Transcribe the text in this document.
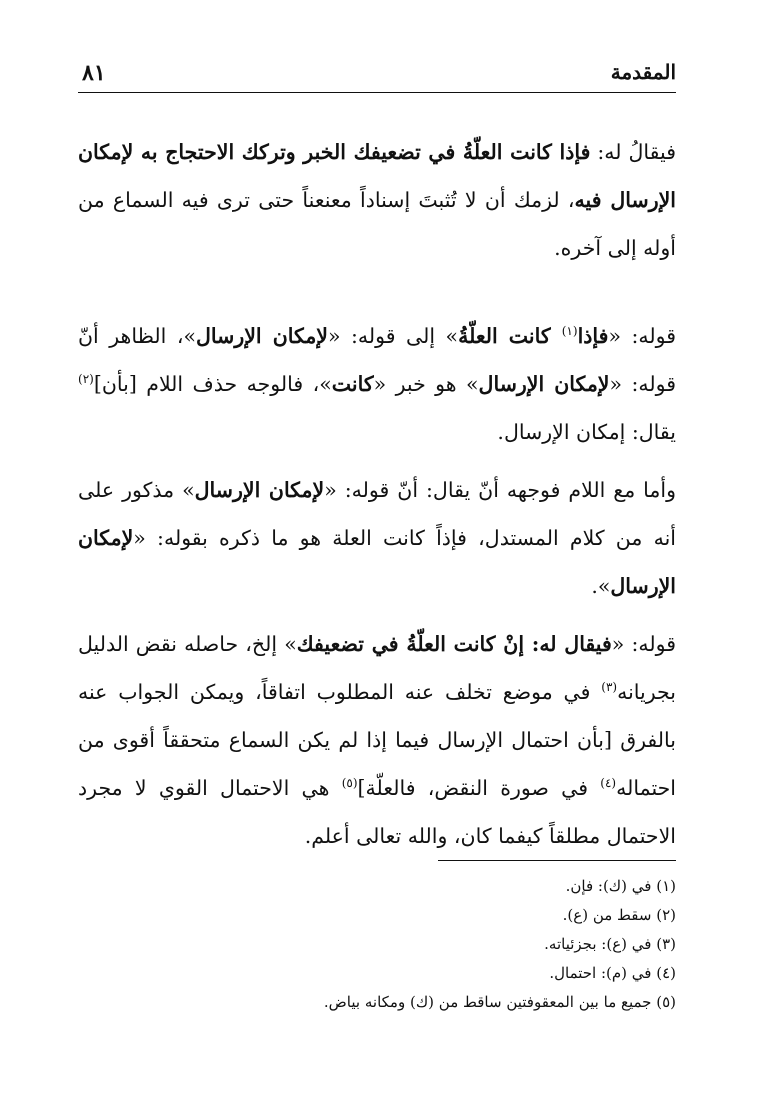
المقدمة
٨١

فيقالُ له: فإذا كانت العلّةُ في تضعيفك الخبر وتركك الاحتجاج به لإمكان الإرسال فيه، لزمك أن لا تُثبتَ إسناداً معنعناً حتى ترى فيه السماع من أوله إلى آخره.

قوله: «فإذا$^{(١)}$ كانت العلّةُ» إلى قوله: «لإمكان الإرسال»، الظاهر أنّ قوله: «لإمكان الإرسال» هو خبر «كانت»، فالوجه حذف اللام [بأن]$^{(٢)}$ يقال: إمكان الإرسال.

وأما مع اللام فوجهه أنّ يقال: أنّ قوله: «لإمكان الإرسال» مذكور على أنه من كلام المستدل، فإذاً كانت العلة هو ما ذكره بقوله: «لإمكان الإرسال».

قوله: «فيقال له: إنْ كانت العلّةُ في تضعيفك» إلخ، حاصله نقض الدليل بجريانه$^{(٣)}$ في موضع تخلف عنه المطلوب اتفاقاً، ويمكن الجواب عنه بالفرق [بأن احتمال الإرسال فيما إذا لم يكن السماع متحققاً أقوى من احتماله$^{(٤)}$ في صورة النقض، فالعلّة]$^{(٥)}$ هي الاحتمال القوي لا مجرد الاحتمال مطلقاً كيفما كان، والله تعالى أعلم.

(١) في (ك): فإن.
(٢) سقط من (ع).
(٣) في (ع): بجزئياته.
(٤) في (م): احتمال.
(٥) جميع ما بين المعقوفتين ساقط من (ك) ومكانه بياض.
